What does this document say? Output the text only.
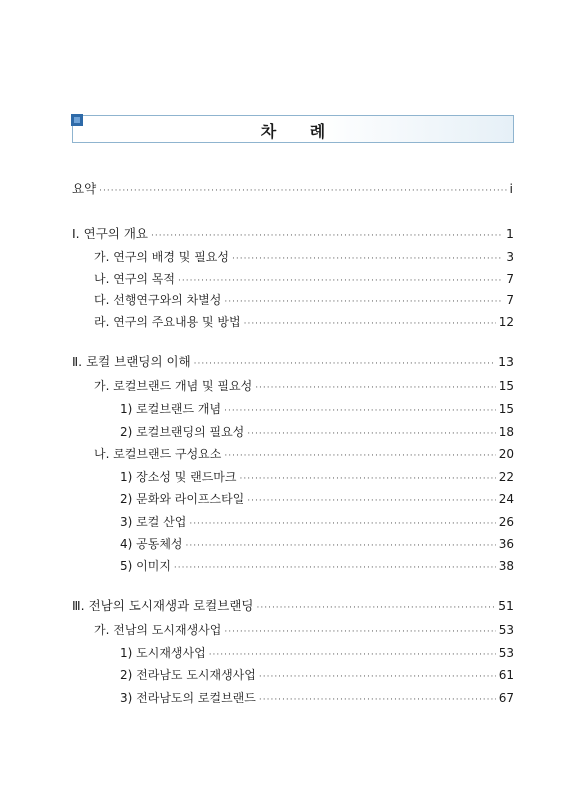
차 례
요약 ·····	i
Ⅰ. 연구의 개요 ·····	1
가. 연구의 배경 및 필요성 ·····	3
나. 연구의 목적 ·····	7
다. 선행연구와의 차별성 ·····	7
라. 연구의 주요내용 및 방법 ·····	12
Ⅱ. 로컬 브랜딩의 이해 ·····	13
가. 로컬브랜드 개념 및 필요성 ·····	15
1) 로컬브랜드 개념 ·····	15
2) 로컬브랜딩의 필요성 ·····	18
나. 로컬브랜드 구성요소 ·····	20
1) 장소성 및 랜드마크 ·····	22
2) 문화와 라이프스타일 ·····	24
3) 로컬 산업 ·····	26
4) 공동체성 ·····	36
5) 이미지 ·····	38
Ⅲ. 전남의 도시재생과 로컬브랜딩 ·····	51
가. 전남의 도시재생사업 ·····	53
1) 도시재생사업 ·····	53
2) 전라남도 도시재생사업 ·····	61
3) 전라남도의 로컬브랜드 ·····	67
